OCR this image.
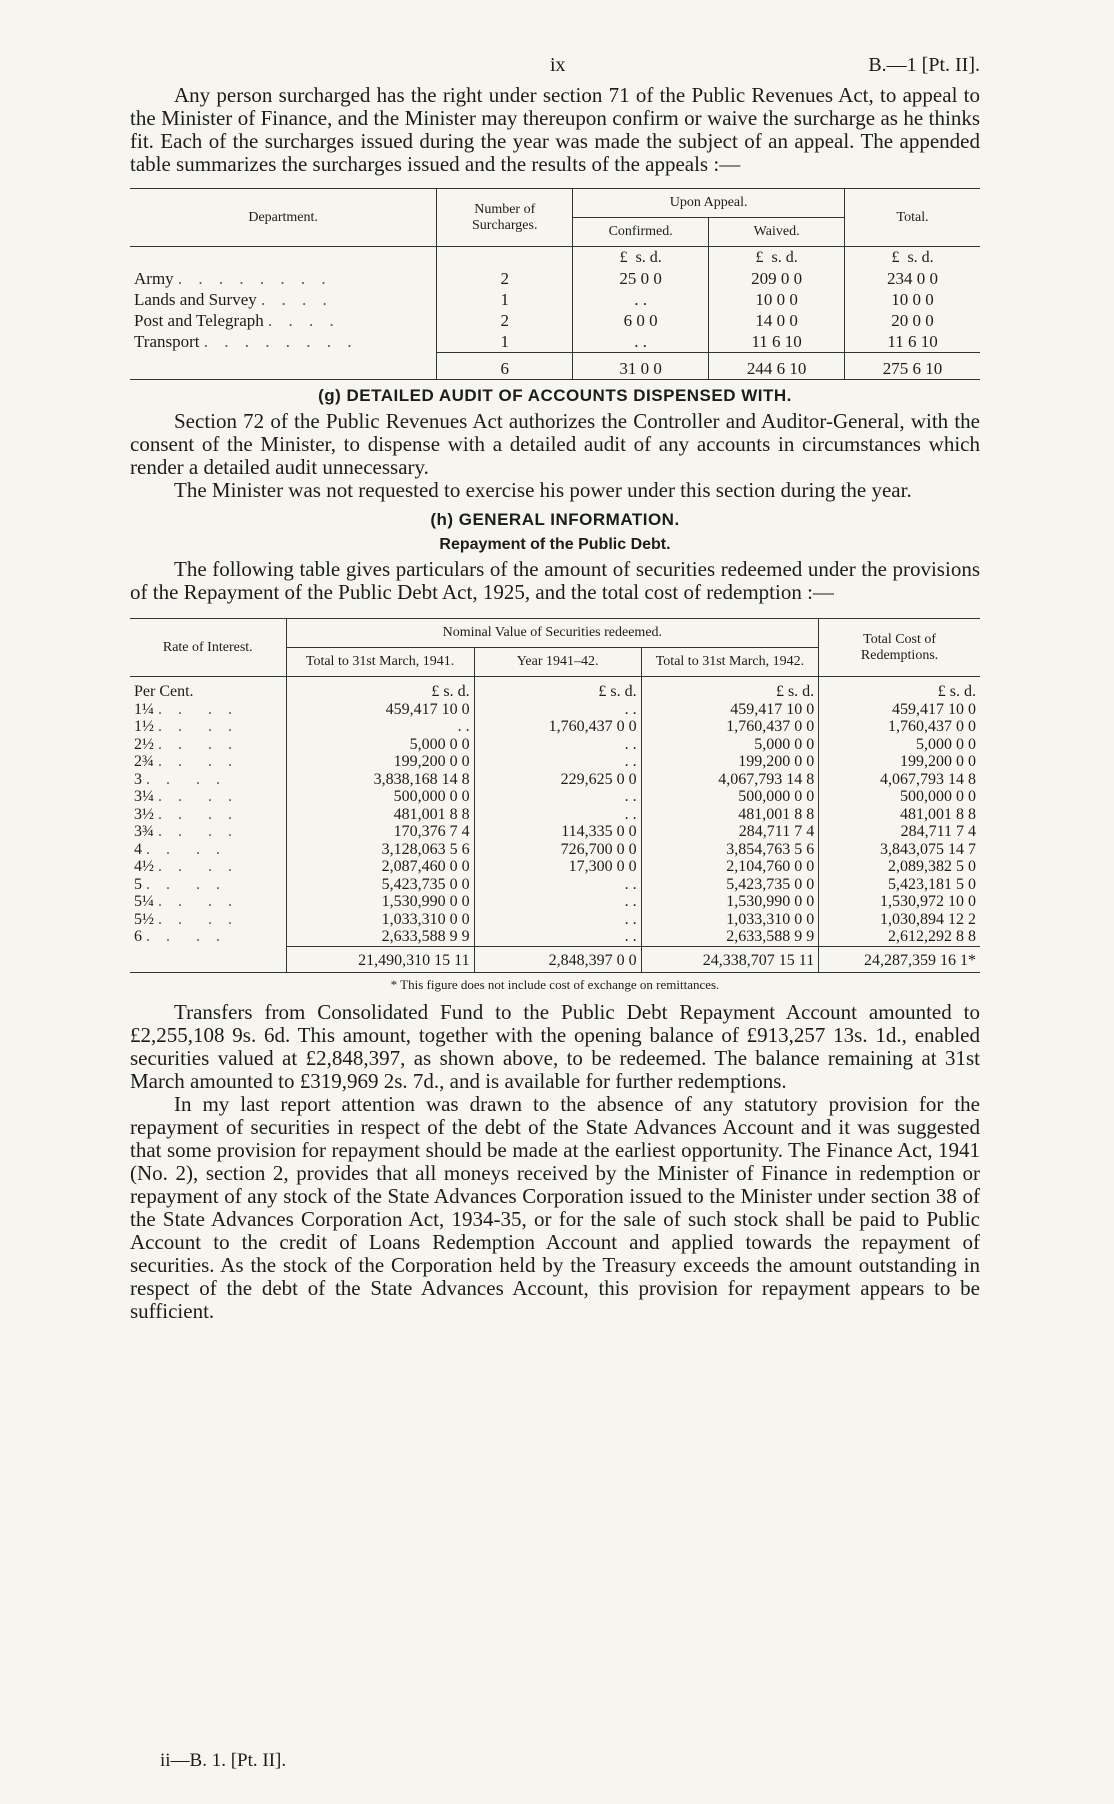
ix	B.—1 [Pt. II].

Any person surcharged has the right under section 71 of the Public Revenues Act, to appeal to the Minister of Finance, and the Minister may thereupon confirm or waive the surcharge as he thinks fit. Each of the surcharges issued during the year was made the subject of an appeal. The appended table summarizes the surcharges issued and the results of the appeals :—

Department.	Number of Surcharges.	Upon Appeal.		Total.
		Confirmed.	Waived.	
		£ s. d.	£ s. d.	£ s. d.
Army . . . . . . . .	2	25 0 0	209 0 0	234 0 0
Lands and Survey . . . .	1	. .	10 0 0	10 0 0
Post and Telegraph . . . .	2	6 0 0	14 0 0	20 0 0
Transport . . . . . . . .	1	. .	11 6 10	11 6 10
	6	31 0 0	244 6 10	275 6 10
(g) DETAILED AUDIT OF ACCOUNTS DISPENSED WITH.

Section 72 of the Public Revenues Act authorizes the Controller and Auditor-General, with the consent of the Minister, to dispense with a detailed audit of any accounts in circumstances which render a detailed audit unnecessary.

The Minister was not requested to exercise his power under this section during the year.

(h) GENERAL INFORMATION.
Repayment of the Public Debt.

The following table gives particulars of the amount of securities redeemed under the provisions of the Repayment of the Public Debt Act, 1925, and the total cost of redemption :—

Rate of Interest.	Nominal Value of Securities redeemed.			Total Cost of Redemptions.
	Total to 31st March, 1941.	Year 1941–42.	Total to 31st March, 1942.	
Per Cent.	£ s. d.	£ s. d.	£ s. d.	£ s. d.
1¼ . .  . .	459,417 10 0	. .	459,417 10 0	459,417 10 0
1½ . .  . .	. .	1,760,437 0 0	1,760,437 0 0	1,760,437 0 0
2½ . .  . .	5,000 0 0	. .	5,000 0 0	5,000 0 0
2¾ . .  . .	199,200 0 0	. .	199,200 0 0	199,200 0 0
3 . .  . .	3,838,168 14 8	229,625 0 0	4,067,793 14 8	4,067,793 14 8
3¼ . .  . .	500,000 0 0	. .	500,000 0 0	500,000 0 0
3½ . .  . .	481,001 8 8	. .	481,001 8 8	481,001 8 8
3¾ . .  . .	170,376 7 4	114,335 0 0	284,711 7 4	284,711 7 4
4 . .  . .	3,128,063 5 6	726,700 0 0	3,854,763 5 6	3,843,075 14 7
4½ . .  . .	2,087,460 0 0	17,300 0 0	2,104,760 0 0	2,089,382 5 0
5 . .  . .	5,423,735 0 0	. .	5,423,735 0 0	5,423,181 5 0
5¼ . .  . .	1,530,990 0 0	. .	1,530,990 0 0	1,530,972 10 0
5½ . .  . .	1,033,310 0 0	. .	1,033,310 0 0	1,030,894 12 2
6 . .  . .	2,633,588 9 9	. .	2,633,588 9 9	2,612,292 8 8
	21,490,310 15 11	2,848,397 0 0	24,338,707 15 11	24,287,359 16 1*
* This figure does not include cost of exchange on remittances.

Transfers from Consolidated Fund to the Public Debt Repayment Account amounted to £2,255,108 9s. 6d. This amount, together with the opening balance of £913,257 13s. 1d., enabled securities valued at £2,848,397, as shown above, to be redeemed. The balance remaining at 31st March amounted to £319,969 2s. 7d., and is available for further redemptions.

In my last report attention was drawn to the absence of any statutory provision for the repayment of securities in respect of the debt of the State Advances Account and it was suggested that some provision for repayment should be made at the earliest opportunity. The Finance Act, 1941 (No. 2), section 2, provides that all moneys received by the Minister of Finance in redemption or repayment of any stock of the State Advances Corporation issued to the Minister under section 38 of the State Advances Corporation Act, 1934-35, or for the sale of such stock shall be paid to Public Account to the credit of Loans Redemption Account and applied towards the repayment of securities. As the stock of the Corporation held by the Treasury exceeds the amount outstanding in respect of the debt of the State Advances Account, this provision for repayment appears to be sufficient.

ii—B. 1. [Pt. II].
